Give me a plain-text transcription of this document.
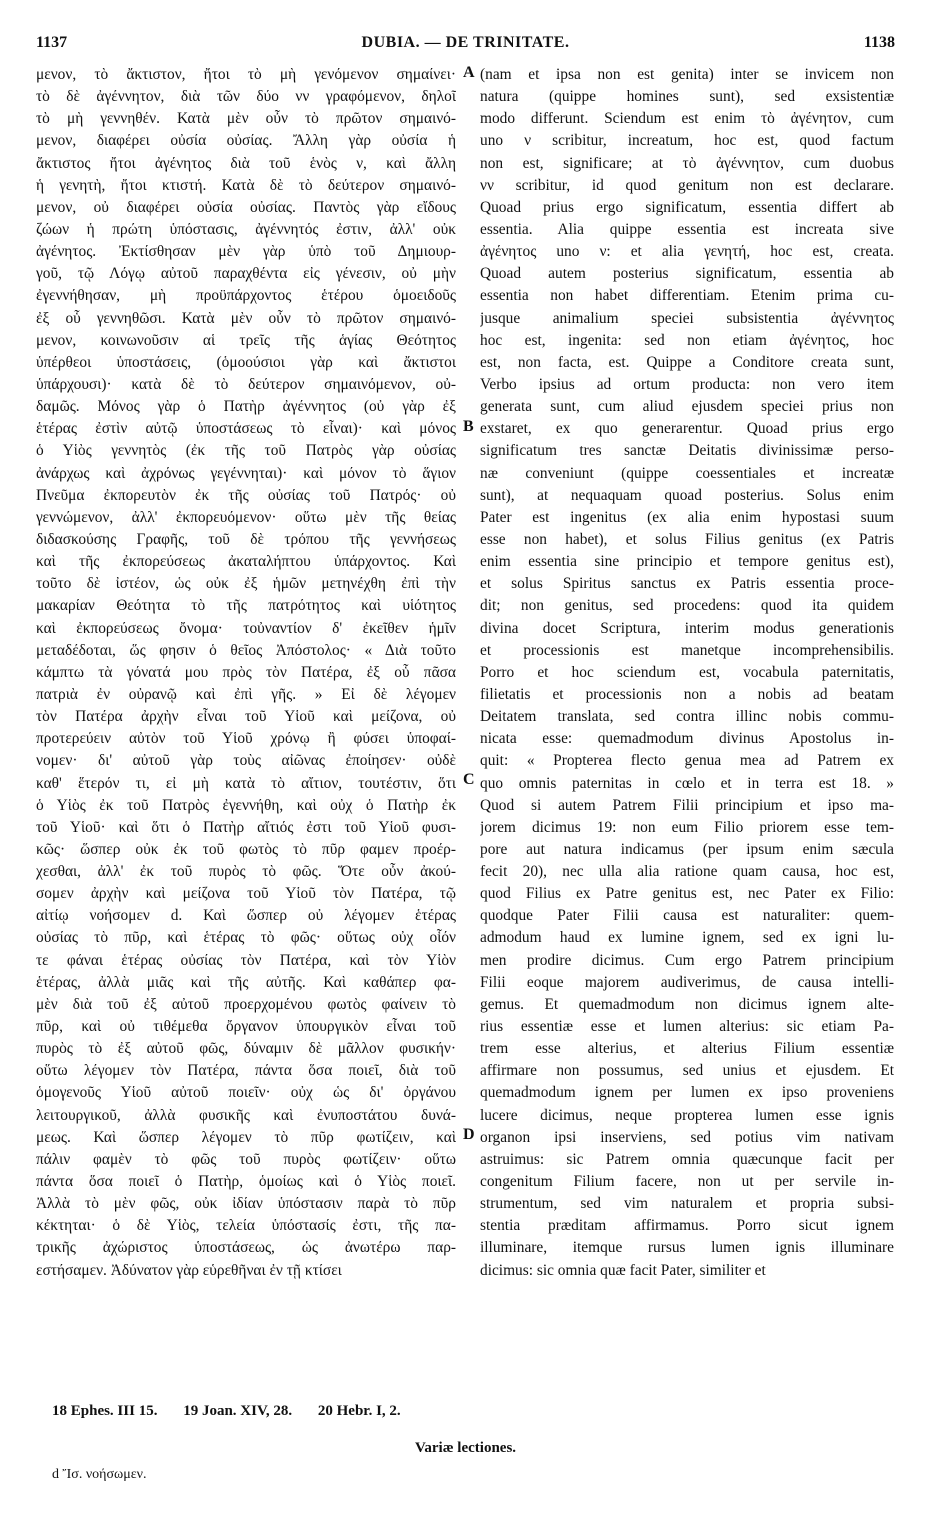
1137	DUBIA. — DE TRINITATE.	1138
μενον, τὸ ἄκτιστον, ἤτοι τὸ μὴ γενόμενον σημαίνει·
τὸ δὲ ἀγέννητον, διὰ τῶν δύο νν γραφόμενον, δηλοῖ
τὸ μὴ γεννηθέν. Κατὰ μὲν οὖν τὸ πρῶτον σημαινό-
μενον, διαφέρει οὐσία οὐσίας. Ἄλλη γὰρ οὐσία ἡ
ἄκτιστος ἤτοι ἀγένητος διὰ τοῦ ἑνὸς ν, καὶ ἄλλη
ἡ γενητὴ, ἤτοι κτιστή. Κατὰ δὲ τὸ δεύτερον σημαινό-
μενον, οὐ διαφέρει οὐσία οὐσίας. Παντὸς γὰρ εἴδους
ζώων ἡ πρώτη ὑπόστασις, ἀγέννητός ἐστιν, ἀλλ' οὐκ
ἀγένητος. Ἐκτίσθησαν μὲν γὰρ ὑπὸ τοῦ Δημιουρ-
γοῦ, τῷ Λόγῳ αὐτοῦ παραχθέντα εἰς γένεσιν, οὐ μὴν
ἐγεννήθησαν, μὴ προϋπάρχοντος ἑτέρου ὁμοειδοῦς
ἐξ οὗ γεννηθῶσι. Κατὰ μὲν οὖν τὸ πρῶτον σημαινό-
μενον, κοινωνοῦσιν αἱ τρεῖς τῆς ἁγίας Θεότητος
ὑπέρθεοι ὑποστάσεις, (ὁμοούσιοι γὰρ καὶ ἄκτιστοι
ὑπάρχουσι)· κατὰ δὲ τὸ δεύτερον σημαινόμενον, οὐ-
δαμῶς. Μόνος γὰρ ὁ Πατὴρ ἀγέννητος (οὐ γὰρ ἐξ
ἑτέρας ἐστὶν αὐτῷ ὑποστάσεως τὸ εἶναι)· καὶ μόνος
ὁ Υἱὸς γεννητὸς (ἐκ τῆς τοῦ Πατρὸς γὰρ οὐσίας
ἀνάρχως καὶ ἀχρόνως γεγέννηται)· καὶ μόνον τὸ ἅγιον
Πνεῦμα ἐκπορευτὸν ἐκ τῆς οὐσίας τοῦ Πατρός· οὐ
γεννώμενον, ἀλλ' ἐκπορευόμενον· οὕτω μὲν τῆς θείας
διδασκούσης Γραφῆς, τοῦ δὲ τρόπου τῆς γεννήσεως
καὶ τῆς ἐκπορεύσεως ἀκαταλήπτου ὑπάρχοντος. Καὶ
τοῦτο δὲ ἰστέον, ὡς οὐκ ἐξ ἡμῶν μετηνέχθη ἐπὶ τὴν
μακαρίαν Θεότητα τὸ τῆς πατρότητος καὶ υἱότητος
καὶ ἐκπορεύσεως ὄνομα· τοὐναντίον δ' ἐκεῖθεν ἡμῖν
μεταδέδοται, ὥς φησιν ὁ θεῖος Ἀπόστολος· « Διὰ τοῦτο
κάμπτω τὰ γόνατά μου πρὸς τὸν Πατέρα, ἐξ οὗ πᾶσα
πατριὰ ἐν οὐρανῷ καὶ ἐπὶ γῆς. » Εἰ δὲ λέγομεν
τὸν Πατέρα ἀρχὴν εἶναι τοῦ Υἱοῦ καὶ μείζονα, οὐ
προτερεύειν αὐτὸν τοῦ Υἱοῦ χρόνῳ ἢ φύσει ὑποφαί-
νομεν· δι' αὐτοῦ γὰρ τοὺς αἰῶνας ἐποίησεν· οὐδὲ
καθ' ἕτερόν τι, εἰ μὴ κατὰ τὸ αἴτιον, τουτέστιν, ὅτι
ὁ Υἱὸς ἐκ τοῦ Πατρὸς ἐγεννήθη, καὶ οὐχ ὁ Πατὴρ ἐκ
τοῦ Υἱοῦ· καὶ ὅτι ὁ Πατὴρ αἴτιός ἐστι τοῦ Υἱοῦ φυσι-
κῶς· ὥσπερ οὐκ ἐκ τοῦ φωτὸς τὸ πῦρ φαμεν προέρ-
χεσθαι, ἀλλ' ἐκ τοῦ πυρὸς τὸ φῶς. Ὅτε οὖν ἀκού-
σομεν ἀρχὴν καὶ μείζονα τοῦ Υἱοῦ τὸν Πατέρα, τῷ
αἰτίῳ νοήσομεν d. Καὶ ὥσπερ οὐ λέγομεν ἑτέρας
οὐσίας τὸ πῦρ, καὶ ἑτέρας τὸ φῶς· οὕτως οὐχ οἷόν
τε φάναι ἑτέρας οὐσίας τὸν Πατέρα, καὶ τὸν Υἱὸν
ἑτέρας, ἀλλὰ μιᾶς καὶ τῆς αὐτῆς. Καὶ καθάπερ φα-
μὲν διὰ τοῦ ἐξ αὐτοῦ προερχομένου φωτὸς φαίνειν τὸ
πῦρ, καὶ οὐ τιθέμεθα ὄργανον ὑπουργικὸν εἶναι τοῦ
πυρὸς τὸ ἐξ αὐτοῦ φῶς, δύναμιν δὲ μᾶλλον φυσικήν·
οὕτω λέγομεν τὸν Πατέρα, πάντα ὅσα ποιεῖ, διὰ τοῦ
ὁμογενοῦς Υἱοῦ αὐτοῦ ποιεῖν· οὐχ ὡς δι' ὀργάνου
λειτουργικοῦ, ἀλλὰ φυσικῆς καὶ ἐνυποστάτου δυνά-
μεως. Καὶ ὥσπερ λέγομεν τὸ πῦρ φωτίζειν, καὶ
πάλιν φαμὲν τὸ φῶς τοῦ πυρὸς φωτίζειν· οὕτω
πάντα ὅσα ποιεῖ ὁ Πατὴρ, ὁμοίως καὶ ὁ Υἱὸς ποιεῖ.
Ἀλλὰ τὸ μὲν φῶς, οὐκ ἰδίαν ὑπόστασιν παρὰ τὸ πῦρ
κέκτηται· ὁ δὲ Υἱὸς, τελεία ὑπόστασίς ἐστι, τῆς πα-
τρικῆς ἀχώριστος ὑποστάσεως, ὡς ἀνωτέρω παρ-
εστήσαμεν. Ἀδύνατον γὰρ εὑρεθῆναι ἐν τῇ κτίσει
(nam et ipsa non est genita) inter se invicem non
natura (quippe homines sunt), sed exsistentiæ
modo differunt. Sciendum est enim τὸ ἀγένητον, cum
uno ν scribitur, increatum, hoc est, quod factum
non est, significare; at τὸ ἀγέννητον, cum duobus
νν scribitur, id quod genitum non est declarare.
Quoad prius ergo significatum, essentia differt ab
essentia. Alia quippe essentia est increata sive
ἀγένητος uno ν: et alia γενητή, hoc est, creata.
Quoad autem posterius significatum, essentia ab
essentia non habet differentiam. Etenim prima cu-
jusque animalium speciei subsistentia ἀγέννητος
hoc est, ingenita: sed non etiam ἀγένητος, hoc
est, non facta, est. Quippe a Conditore creata sunt,
Verbo ipsius ad ortum producta: non vero item
generata sunt, cum aliud ejusdem speciei prius non
exstaret, ex quo generarentur. Quoad prius ergo
significatum tres sanctæ Deitatis divinissimæ perso-
næ conveniunt (quippe coessentiales et increatæ
sunt), at nequaquam quoad posterius. Solus enim
Pater est ingenitus (ex alia enim hypostasi suum
esse non habet), et solus Filius genitus (ex Patris
enim essentia sine principio et tempore genitus est),
et solus Spiritus sanctus ex Patris essentia proce-
dit; non genitus, sed procedens: quod ita quidem
divina docet Scriptura, interim modus generationis
et processionis est manetque incomprehensibilis.
Porro et hoc sciendum est, vocabula paternitatis,
filietatis et processionis non a nobis ad beatam
Deitatem translata, sed contra illinc nobis commu-
nicata esse: quemadmodum divinus Apostolus in-
quit: « Propterea flecto genua mea ad Patrem ex
quo omnis paternitas in cœlo et in terra est 18. »
Quod si autem Patrem Filii principium et ipso ma-
jorem dicimus 19: non eum Filio priorem esse tem-
pore aut natura indicamus (per ipsum enim sæcula
fecit 20), nec ulla alia ratione quam causa, hoc est,
quod Filius ex Patre genitus est, nec Pater ex Filio:
quodque Pater Filii causa est naturaliter: quem-
admodum haud ex lumine ignem, sed ex igni lu-
men prodire dicimus. Cum ergo Patrem principium
Filii eoque majorem audiverimus, de causa intelli-
gemus. Et quemadmodum non dicimus ignem alte-
rius essentiæ esse et lumen alterius: sic etiam Pa-
trem esse alterius, et alterius Filium essentiæ
affirmare non possumus, sed unius et ejusdem. Et
quemadmodum ignem per lumen ex ipso proveniens
lucere dicimus, neque propterea lumen esse ignis
organon ipsi inserviens, sed potius vim nativam
astruimus: sic Patrem omnia quæcunque facit per
congenitum Filium facere, non ut per servile in-
strumentum, sed vim naturalem et propria subsi-
stentia præditam affirmamus. Porro sicut ignem
illuminare, itemque rursus lumen ignis illuminare
dicimus: sic omnia quæ facit Pater, similiter et
A
B
C
D
18 Ephes. III 15. 19 Joan. XIV, 28. 20 Hebr. I, 2.
Variæ lectiones.
d Ἴσ. νοήσωμεν.
